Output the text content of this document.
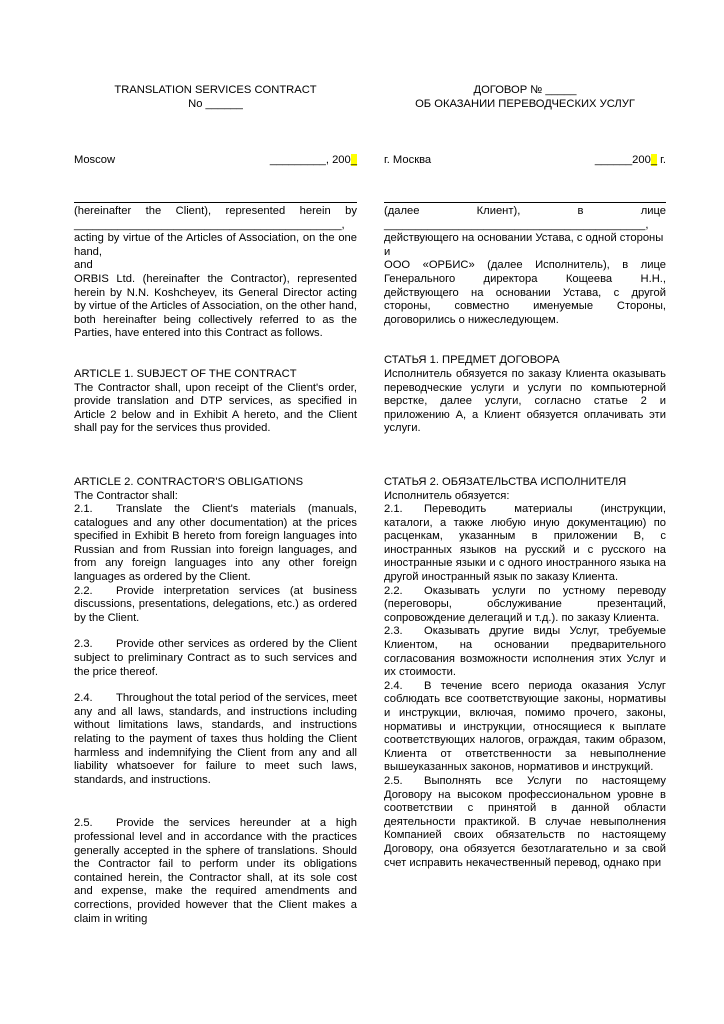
TRANSLATION SERVICES CONTRACT
No ______
Moscow	_________, 200_

(hereinafter the Client), represented herein by ___________________________________________,

acting by virtue of the Articles of Association, on the one hand,

and

ORBIS Ltd. (hereinafter the Contractor), represented herein by N.N. Koshcheyev, its General Director acting by virtue of the Articles of Association, on the other hand, both hereinafter being collectively referred to as the Parties, have entered into this Contract as follows.

ARTICLE 1. SUBJECT OF THE CONTRACT

The Contractor shall, upon receipt of the Client's order, provide translation and DTP services, as specified in Article 2 below and in Exhibit A hereto, and the Client shall pay for the services thus provided.

ARTICLE 2. CONTRACTOR'S OBLIGATIONS

The Contractor shall:

2.1. Translate the Client's materials (manuals, catalogues and any other documentation) at the prices specified in Exhibit B hereto from foreign languages into Russian and from Russian into foreign languages, and from any foreign languages into any other foreign languages as ordered by the Client.

2.2. Provide interpretation services (at business discussions, presentations, delegations, etc.) as ordered by the Client.

2.3. Provide other services as ordered by the Client subject to preliminary Contract as to such services and the price thereof.

2.4. Throughout the total period of the services, meet any and all laws, standards, and instructions including without limitations laws, standards, and instructions relating to the payment of taxes thus holding the Client harmless and indemnifying the Client from any and all liability whatsoever for failure to meet such laws, standards, and instructions.

2.5. Provide the services hereunder at a high professional level and in accordance with the practices generally accepted in the sphere of translations. Should the Contractor fail to perform under its obligations contained herein, the Contractor shall, at its sole cost and expense, make the required amendments and corrections, provided however that the Client makes a claim in writing

ДОГОВОР № _____
ОБ ОКАЗАНИИ ПЕРЕВОДЧЕСКИХ УСЛУГ
г. Москва	______200_ г.

(далее Клиент), в лице __________________________________________,

действующего на основании Устава, с одной стороны

и

ООО «ОРБИС» (далее Исполнитель), в лице Генерального директора Кощеева Н.Н., действующего на основании Устава, с другой стороны, совместно именуемые Стороны, договорились о нижеследующем.

СТАТЬЯ 1. ПРЕДМЕТ ДОГОВОРА

Исполнитель обязуется по заказу Клиента оказывать переводческие услуги и услуги по компьютерной верстке, далее услуги, согласно статье 2 и приложению А, а Клиент обязуется оплачивать эти услуги.

СТАТЬЯ 2. ОБЯЗАТЕЛЬСТВА ИСПОЛНИТЕЛЯ

Исполнитель обязуется:

2.1. Переводить материалы (инструкции, каталоги, а также любую иную документацию) по расценкам, указанным в приложении В, с иностранных языков на русский и с русского на иностранные языки и с одного иностранного языка на другой иностранный язык по заказу Клиента.

2.2. Оказывать услуги по устному переводу (переговоры, обслуживание презентаций, сопровождение делегаций и т.д.). по заказу Клиента.

2.3. Оказывать другие виды Услуг, требуемые Клиентом, на основании предварительного согласования возможности исполнения этих Услуг и их стоимости.

2.4. В течение всего периода оказания Услуг соблюдать все соответствующие законы, нормативы и инструкции, включая, помимо прочего, законы, нормативы и инструкции, относящиеся к выплате соответствующих налогов, ограждая, таким образом, Клиента от ответственности за невыполнение вышеуказанных законов, нормативов и инструкций.

2.5. Выполнять все Услуги по настоящему Договору на высоком профессиональном уровне в соответствии с принятой в данной области деятельности практикой. В случае невыполнения Компанией своих обязательств по настоящему Договору, она обязуется безотлагательно и за свой счет исправить некачественный перевод, однако при
